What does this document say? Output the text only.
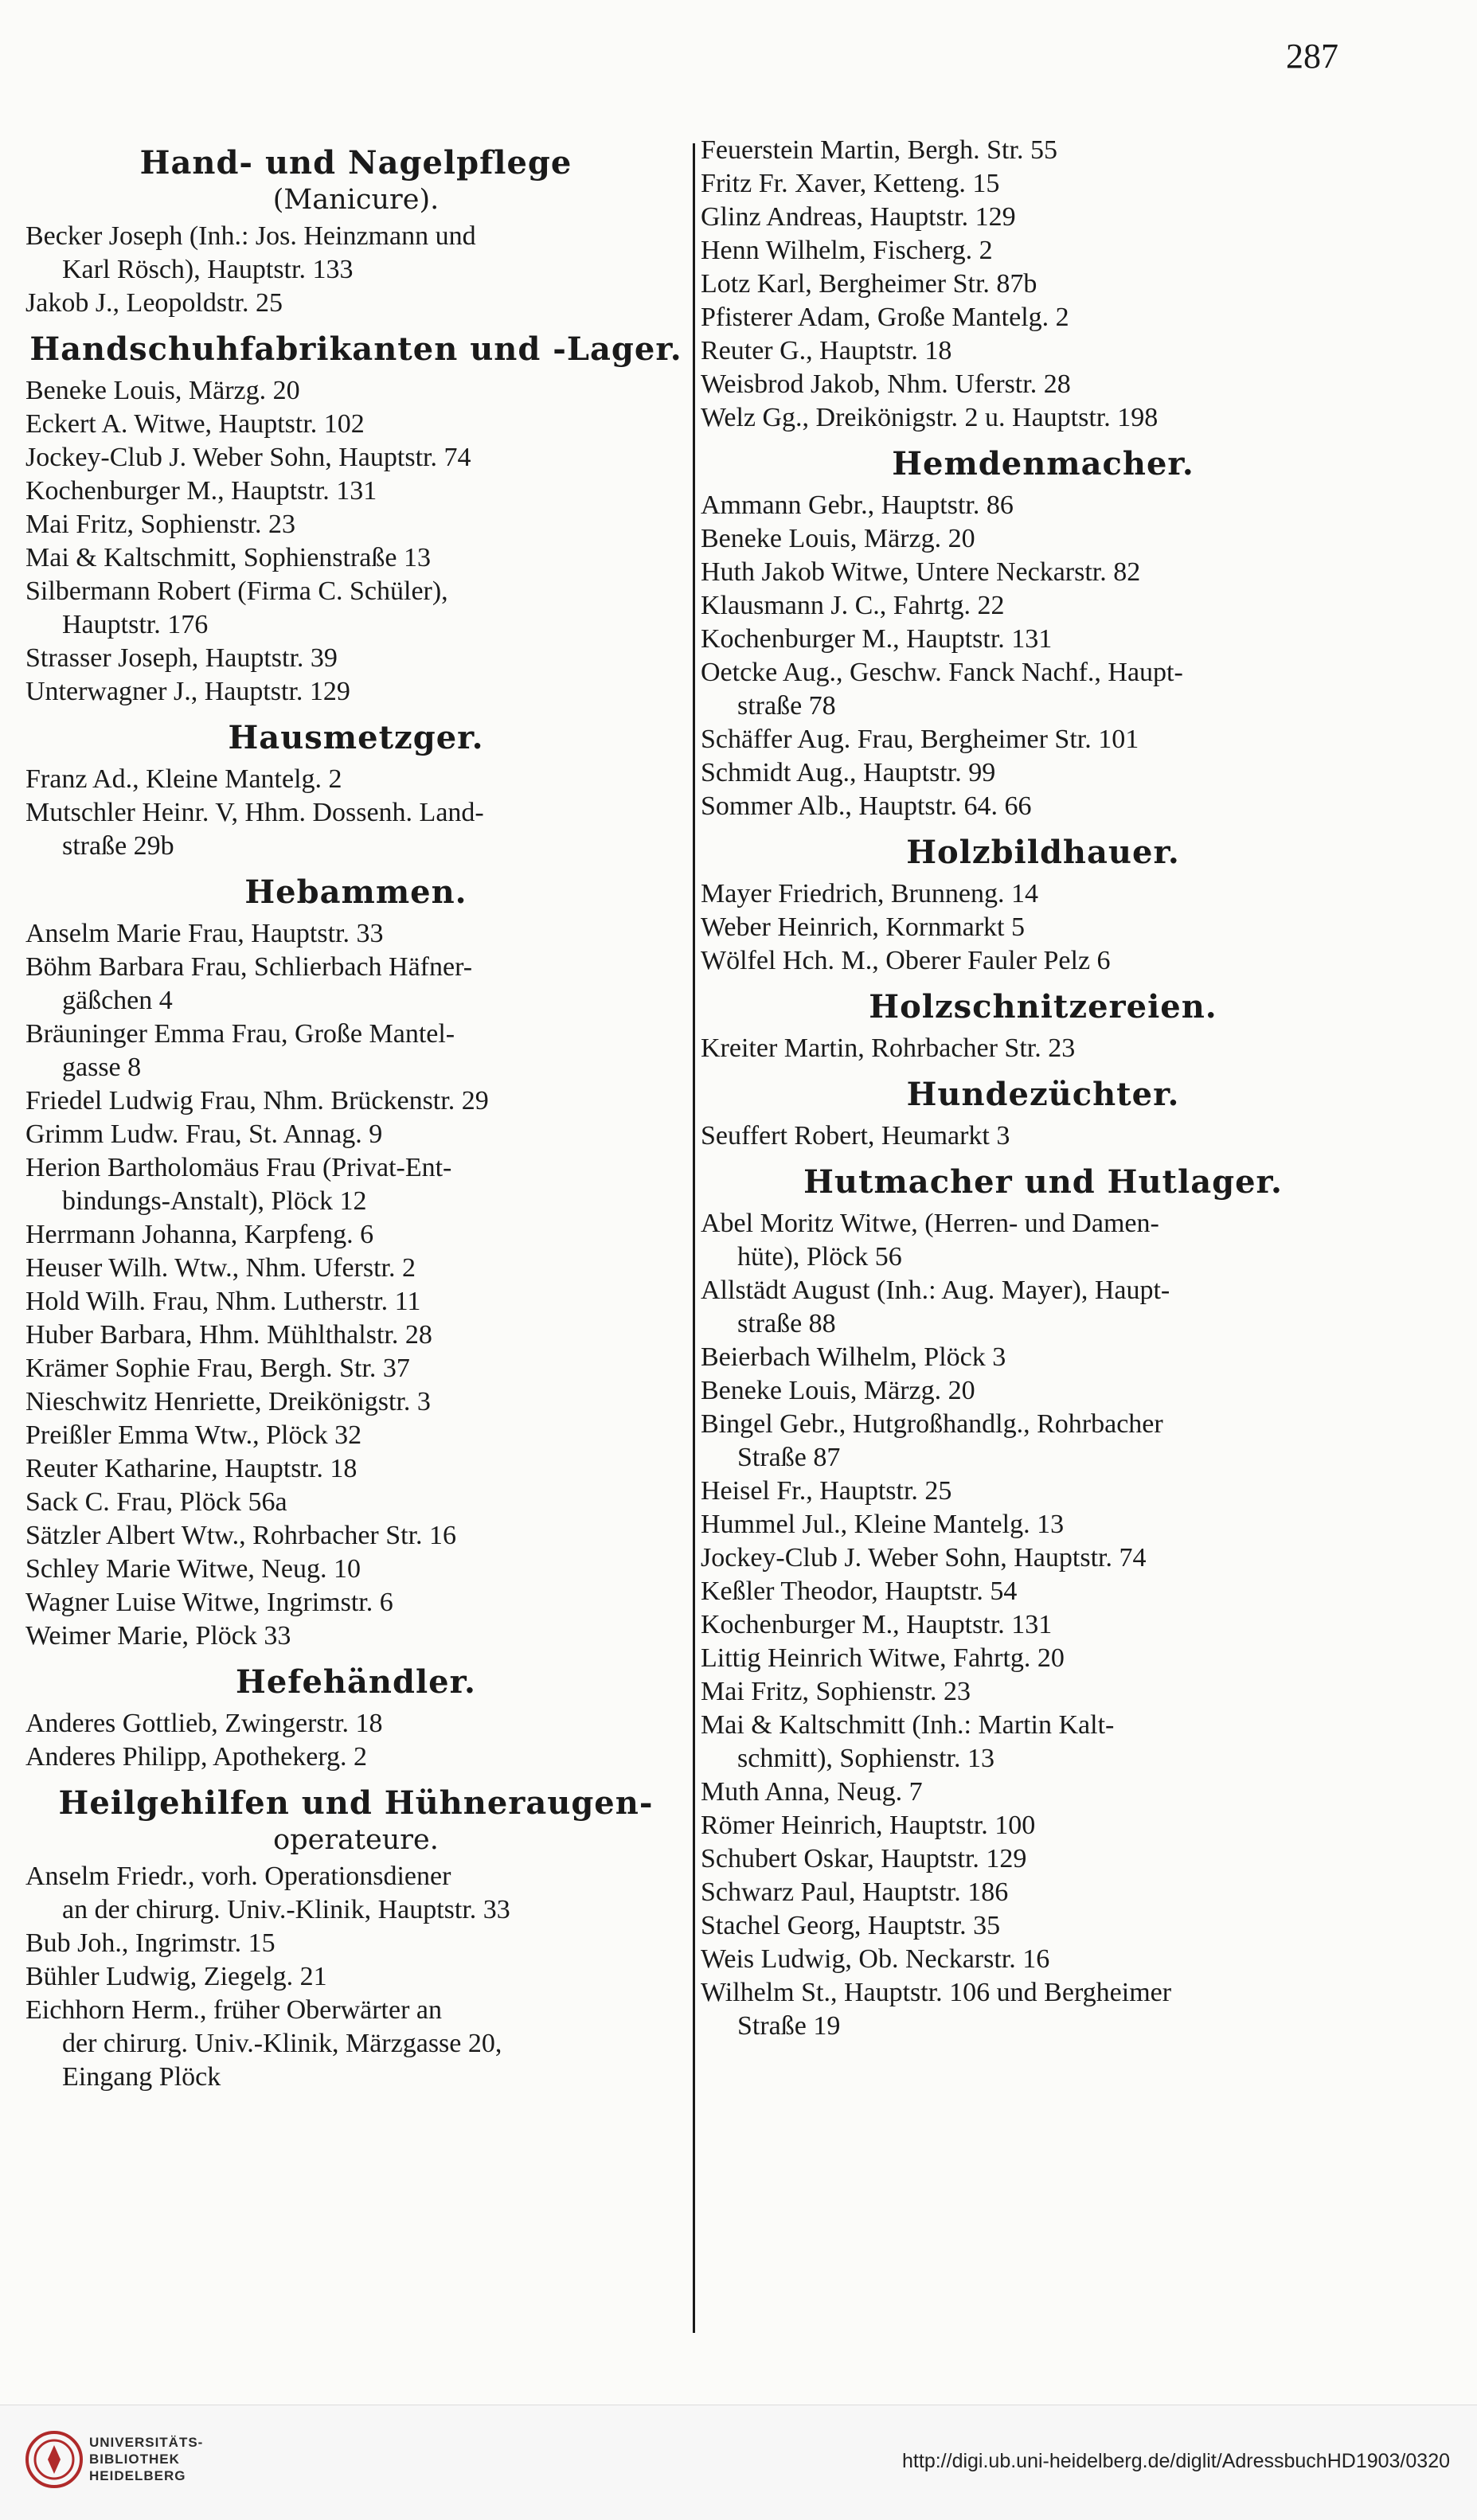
287
Hand- und Nagelpflege
(Manicure).
Becker Joseph (Inh.: Jos. Heinzmann und
Karl Rösch), Hauptstr. 133
Jakob J., Leopoldstr. 25
Handschuhfabrikanten und -Lager.
Beneke Louis, Märzg. 20
Eckert A. Witwe, Hauptstr. 102
Jockey-Club J. Weber Sohn, Hauptstr. 74
Kochenburger M., Hauptstr. 131
Mai Fritz, Sophienstr. 23
Mai & Kaltschmitt, Sophienstraße 13
Silbermann Robert (Firma C. Schüler),
Hauptstr. 176
Strasser Joseph, Hauptstr. 39
Unterwagner J., Hauptstr. 129
Hausmetzger.
Franz Ad., Kleine Mantelg. 2
Mutschler Heinr. V, Hhm. Dossenh. Land-
straße 29b
Hebammen.
Anselm Marie Frau, Hauptstr. 33
Böhm Barbara Frau, Schlierbach Häfner-
gäßchen 4
Bräuninger Emma Frau, Große Mantel-
gasse 8
Friedel Ludwig Frau, Nhm. Brückenstr. 29
Grimm Ludw. Frau, St. Annag. 9
Herion Bartholomäus Frau (Privat-Ent-
bindungs-Anstalt), Plöck 12
Herrmann Johanna, Karpfeng. 6
Heuser Wilh. Wtw., Nhm. Uferstr. 2
Hold Wilh. Frau, Nhm. Lutherstr. 11
Huber Barbara, Hhm. Mühlthalstr. 28
Krämer Sophie Frau, Bergh. Str. 37
Nieschwitz Henriette, Dreikönigstr. 3
Preißler Emma Wtw., Plöck 32
Reuter Katharine, Hauptstr. 18
Sack C. Frau, Plöck 56a
Sätzler Albert Wtw., Rohrbacher Str. 16
Schley Marie Witwe, Neug. 10
Wagner Luise Witwe, Ingrimstr. 6
Weimer Marie, Plöck 33
Hefehändler.
Anderes Gottlieb, Zwingerstr. 18
Anderes Philipp, Apothekerg. 2
Heilgehilfen und Hühneraugen-
operateure.
Anselm Friedr., vorh. Operationsdiener
an der chirurg. Univ.-Klinik, Hauptstr. 33
Bub Joh., Ingrimstr. 15
Bühler Ludwig, Ziegelg. 21
Eichhorn Herm., früher Oberwärter an
der chirurg. Univ.-Klinik, Märzgasse 20,
Eingang Plöck
Feuerstein Martin, Bergh. Str. 55
Fritz Fr. Xaver, Ketteng. 15
Glinz Andreas, Hauptstr. 129
Henn Wilhelm, Fischerg. 2
Lotz Karl, Bergheimer Str. 87b
Pfisterer Adam, Große Mantelg. 2
Reuter G., Hauptstr. 18
Weisbrod Jakob, Nhm. Uferstr. 28
Welz Gg., Dreikönigstr. 2 u. Hauptstr. 198
Hemdenmacher.
Ammann Gebr., Hauptstr. 86
Beneke Louis, Märzg. 20
Huth Jakob Witwe, Untere Neckarstr. 82
Klausmann J. C., Fahrtg. 22
Kochenburger M., Hauptstr. 131
Oetcke Aug., Geschw. Fanck Nachf., Haupt-
straße 78
Schäffer Aug. Frau, Bergheimer Str. 101
Schmidt Aug., Hauptstr. 99
Sommer Alb., Hauptstr. 64. 66
Holzbildhauer.
Mayer Friedrich, Brunneng. 14
Weber Heinrich, Kornmarkt 5
Wölfel Hch. M., Oberer Fauler Pelz 6
Holzschnitzereien.
Kreiter Martin, Rohrbacher Str. 23
Hundezüchter.
Seuffert Robert, Heumarkt 3
Hutmacher und Hutlager.
Abel Moritz Witwe, (Herren- und Damen-
hüte), Plöck 56
Allstädt August (Inh.: Aug. Mayer), Haupt-
straße 88
Beierbach Wilhelm, Plöck 3
Beneke Louis, Märzg. 20
Bingel Gebr., Hutgroßhandlg., Rohrbacher
Straße 87
Heisel Fr., Hauptstr. 25
Hummel Jul., Kleine Mantelg. 13
Jockey-Club J. Weber Sohn, Hauptstr. 74
Keßler Theodor, Hauptstr. 54
Kochenburger M., Hauptstr. 131
Littig Heinrich Witwe, Fahrtg. 20
Mai Fritz, Sophienstr. 23
Mai & Kaltschmitt (Inh.: Martin Kalt-
schmitt), Sophienstr. 13
Muth Anna, Neug. 7
Römer Heinrich, Hauptstr. 100
Schubert Oskar, Hauptstr. 129
Schwarz Paul, Hauptstr. 186
Stachel Georg, Hauptstr. 35
Weis Ludwig, Ob. Neckarstr. 16
Wilhelm St., Hauptstr. 106 und Bergheimer
Straße 19
UNIVERSITÄTS-
BIBLIOTHEK
HEIDELBERG
http://digi.ub.uni-heidelberg.de/diglit/AdressbuchHD1903/0320
